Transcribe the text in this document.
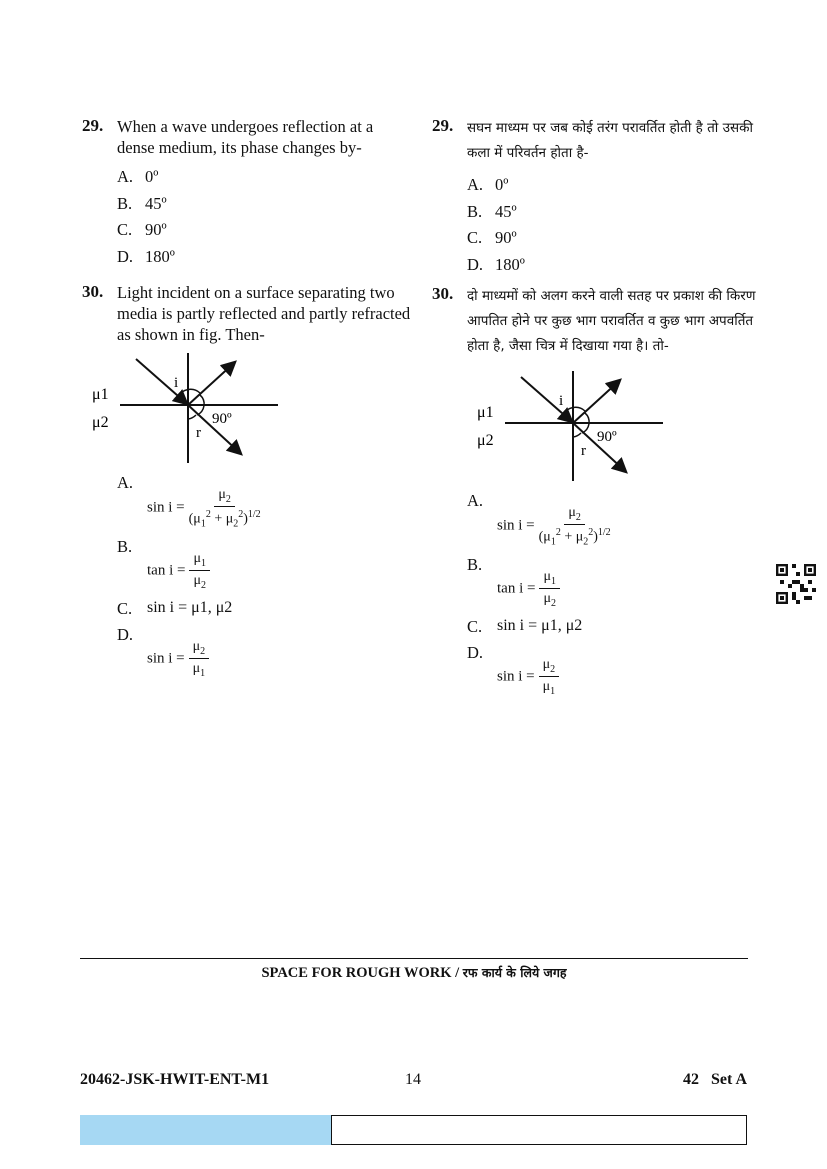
29. When a wave undergoes reflection at a dense medium, its phase changes by-
A. 0º
B. 45º
C. 90º
D. 180º
30. Light incident on a surface separating two media is partly reflected and partly refracted as shown in fig. Then-
μ1
μ2
i
r
90º
A.
$\sin i = \frac{\mu_2}{(\mu_1^2 + \mu_2^2)^{1/2}}$
B.
$\tan i = \frac{\mu_1}{\mu_2}$
C. sin i = μ1, μ2
D.
$\sin i = \frac{\mu_2}{\mu_1}$
29. सघन माध्यम पर जब कोई तरंग परावर्तित होती है तो उसकी कला में परिवर्तन होता है-
A. 0º
B. 45º
C. 90º
D. 180º
30. दो माध्यमों को अलग करने वाली सतह पर प्रकाश की किरण आपतित होने पर कुछ भाग परावर्तित व कुछ भाग अपवर्तित होता है, जैसा चित्र में दिखाया गया है। तो-
μ1
μ2
i
r
90º
A.
$\sin i = \frac{\mu_2}{(\mu_1^2 + \mu_2^2)^{1/2}}$
B.
$\tan i = \frac{\mu_1}{\mu_2}$
C. sin i = μ1, μ2
D.
$\sin i = \frac{\mu_2}{\mu_1}$
SPACE FOR ROUGH WORK / रफ कार्य के लिये जगह
20462-JSK-HWIT-ENT-M1	14	42   Set A
